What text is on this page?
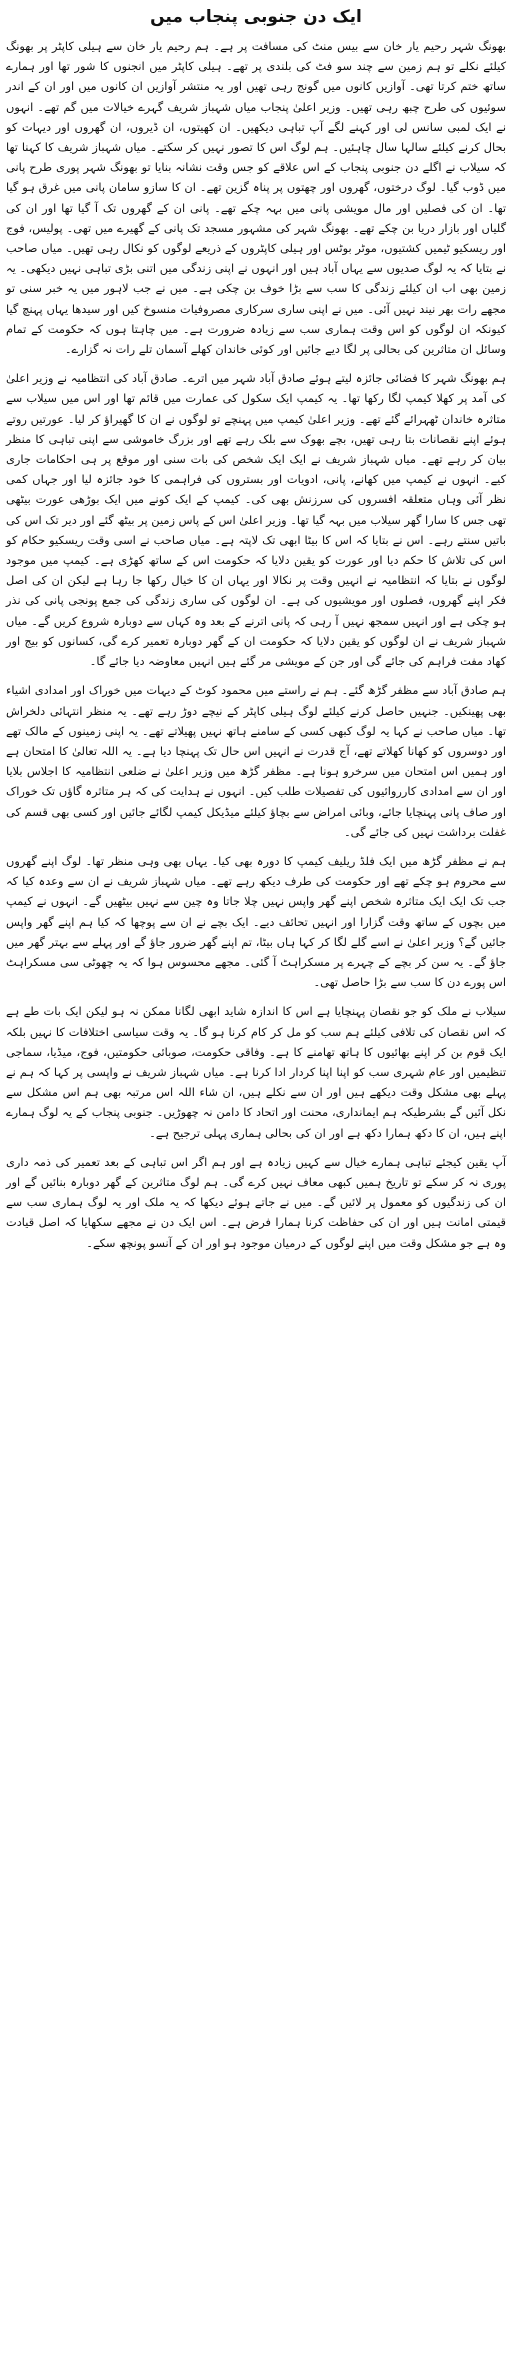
ایک دن جنوبی پنجاب میں

بھونگ شہر رحیم یار خان سے بیس منٹ کی مسافت پر ہے۔ ہم رحیم یار خان سے ہیلی کاپٹر پر بھونگ کیلئے نکلے تو ہم زمین سے چند سو فٹ کی بلندی پر تھے۔ ہیلی کاپٹر میں انجنوں کا شور تھا اور ہمارے ساتھ ختم کرتا تھی۔ آوازیں کانوں میں گونج رہی تھیں اور یہ منتشر آوازیں ان کانوں میں اور ان کے اندر سوئیوں کی طرح چبھ رہی تھیں۔ وزیر اعلیٰ پنجاب میاں شہباز شریف گہرے خیالات میں گم تھے۔ انہوں نے ایک لمبی سانس لی اور کہنے لگے آپ تباہی دیکھیں۔ ان کھیتوں، ان ڈیروں، ان گھروں اور دیہات کو بحال کرنے کیلئے سالہا سال چاہئیں۔ ہم لوگ اس کا تصور نہیں کر سکتے۔ میاں شہباز شریف کا کہنا تھا کہ سیلاب نے اگلے دن جنوبی پنجاب کے اس علاقے کو جس وقت نشانہ بنایا تو بھونگ شہر پوری طرح پانی میں ڈوب گیا۔ لوگ درختوں، گھروں اور چھتوں پر پناہ گزین تھے۔ ان کا سازو سامان پانی میں غرق ہو گیا تھا۔ ان کی فصلیں اور مال مویشی پانی میں بہہ چکے تھے۔ پانی ان کے گھروں تک آ گیا تھا اور ان کی گلیاں اور بازار دریا بن چکے تھے۔ بھونگ شہر کی مشہور مسجد تک پانی کے گھیرے میں تھی۔ پولیس، فوج اور ریسکیو ٹیمیں کشتیوں، موٹر بوٹس اور ہیلی کاپٹروں کے ذریعے لوگوں کو نکال رہی تھیں۔ میاں صاحب نے بتایا کہ یہ لوگ صدیوں سے یہاں آباد ہیں اور انہوں نے اپنی زندگی میں اتنی بڑی تباہی نہیں دیکھی۔ یہ زمین بھی اب ان کیلئے زندگی کا سب سے بڑا خوف بن چکی ہے۔ میں نے جب لاہور میں یہ خبر سنی تو مجھے رات بھر نیند نہیں آئی۔ میں نے اپنی ساری سرکاری مصروفیات منسوخ کیں اور سیدھا یہاں پہنچ گیا کیونکہ ان لوگوں کو اس وقت ہماری سب سے زیادہ ضرورت ہے۔ میں چاہتا ہوں کہ حکومت کے تمام وسائل ان متاثرین کی بحالی پر لگا دیے جائیں اور کوئی خاندان کھلے آسمان تلے رات نہ گزارے۔

ہم بھونگ شہر کا فضائی جائزہ لیتے ہوئے صادق آباد شہر میں اترے۔ صادق آباد کی انتظامیہ نے وزیر اعلیٰ کی آمد پر کھلا کیمپ لگا رکھا تھا۔ یہ کیمپ ایک سکول کی عمارت میں قائم تھا اور اس میں سیلاب سے متاثرہ خاندان ٹھہرائے گئے تھے۔ وزیر اعلیٰ کیمپ میں پہنچے تو لوگوں نے ان کا گھیراؤ کر لیا۔ عورتیں روتے ہوئے اپنے نقصانات بتا رہی تھیں، بچے بھوک سے بلک رہے تھے اور بزرگ خاموشی سے اپنی تباہی کا منظر بیان کر رہے تھے۔ میاں شہباز شریف نے ایک ایک شخص کی بات سنی اور موقع پر ہی احکامات جاری کیے۔ انہوں نے کیمپ میں کھانے، پانی، ادویات اور بستروں کی فراہمی کا خود جائزہ لیا اور جہاں کمی نظر آئی وہاں متعلقہ افسروں کی سرزنش بھی کی۔ کیمپ کے ایک کونے میں ایک بوڑھی عورت بیٹھی تھی جس کا سارا گھر سیلاب میں بہہ گیا تھا۔ وزیر اعلیٰ اس کے پاس زمین پر بیٹھ گئے اور دیر تک اس کی باتیں سنتے رہے۔ اس نے بتایا کہ اس کا بیٹا ابھی تک لاپتہ ہے۔ میاں صاحب نے اسی وقت ریسکیو حکام کو اس کی تلاش کا حکم دیا اور عورت کو یقین دلایا کہ حکومت اس کے ساتھ کھڑی ہے۔ کیمپ میں موجود لوگوں نے بتایا کہ انتظامیہ نے انہیں وقت پر نکالا اور یہاں ان کا خیال رکھا جا رہا ہے لیکن ان کی اصل فکر اپنے گھروں، فصلوں اور مویشیوں کی ہے۔ ان لوگوں کی ساری زندگی کی جمع پونجی پانی کی نذر ہو چکی ہے اور انہیں سمجھ نہیں آ رہی کہ پانی اترنے کے بعد وہ کہاں سے دوبارہ شروع کریں گے۔ میاں شہباز شریف نے ان لوگوں کو یقین دلایا کہ حکومت ان کے گھر دوبارہ تعمیر کرے گی، کسانوں کو بیج اور کھاد مفت فراہم کی جائے گی اور جن کے مویشی مر گئے ہیں انہیں معاوضہ دیا جائے گا۔

ہم صادق آباد سے مظفر گڑھ گئے۔ ہم نے راستے میں محمود کوٹ کے دیہات میں خوراک اور امدادی اشیاء بھی پھینکیں۔ جنہیں حاصل کرنے کیلئے لوگ ہیلی کاپٹر کے نیچے دوڑ رہے تھے۔ یہ منظر انتہائی دلخراش تھا۔ میاں صاحب نے کہا یہ لوگ کبھی کسی کے سامنے ہاتھ نہیں پھیلاتے تھے۔ یہ اپنی زمینوں کے مالک تھے اور دوسروں کو کھانا کھلاتے تھے، آج قدرت نے انہیں اس حال تک پہنچا دیا ہے۔ یہ اللہ تعالیٰ کا امتحان ہے اور ہمیں اس امتحان میں سرخرو ہونا ہے۔ مظفر گڑھ میں وزیر اعلیٰ نے ضلعی انتظامیہ کا اجلاس بلایا اور ان سے امدادی کارروائیوں کی تفصیلات طلب کیں۔ انہوں نے ہدایت کی کہ ہر متاثرہ گاؤں تک خوراک اور صاف پانی پہنچایا جائے، وبائی امراض سے بچاؤ کیلئے میڈیکل کیمپ لگائے جائیں اور کسی بھی قسم کی غفلت برداشت نہیں کی جائے گی۔

ہم نے مظفر گڑھ میں ایک فلڈ ریلیف کیمپ کا دورہ بھی کیا۔ یہاں بھی وہی منظر تھا۔ لوگ اپنے گھروں سے محروم ہو چکے تھے اور حکومت کی طرف دیکھ رہے تھے۔ میاں شہباز شریف نے ان سے وعدہ کیا کہ جب تک ایک ایک متاثرہ شخص اپنے گھر واپس نہیں چلا جاتا وہ چین سے نہیں بیٹھیں گے۔ انہوں نے کیمپ میں بچوں کے ساتھ وقت گزارا اور انہیں تحائف دیے۔ ایک بچے نے ان سے پوچھا کہ کیا ہم اپنے گھر واپس جائیں گے؟ وزیر اعلیٰ نے اسے گلے لگا کر کہا ہاں بیٹا، تم اپنے گھر ضرور جاؤ گے اور پہلے سے بہتر گھر میں جاؤ گے۔ یہ سن کر بچے کے چہرے پر مسکراہٹ آ گئی۔ مجھے محسوس ہوا کہ یہ چھوٹی سی مسکراہٹ اس پورے دن کا سب سے بڑا حاصل تھی۔

سیلاب نے ملک کو جو نقصان پہنچایا ہے اس کا اندازہ شاید ابھی لگانا ممکن نہ ہو لیکن ایک بات طے ہے کہ اس نقصان کی تلافی کیلئے ہم سب کو مل کر کام کرنا ہو گا۔ یہ وقت سیاسی اختلافات کا نہیں بلکہ ایک قوم بن کر اپنے بھائیوں کا ہاتھ تھامنے کا ہے۔ وفاقی حکومت، صوبائی حکومتیں، فوج، میڈیا، سماجی تنظیمیں اور عام شہری سب کو اپنا اپنا کردار ادا کرنا ہے۔ میاں شہباز شریف نے واپسی پر کہا کہ ہم نے پہلے بھی مشکل وقت دیکھے ہیں اور ان سے نکلے ہیں، ان شاء اللہ اس مرتبہ بھی ہم اس مشکل سے نکل آئیں گے بشرطیکہ ہم ایمانداری، محنت اور اتحاد کا دامن نہ چھوڑیں۔ جنوبی پنجاب کے یہ لوگ ہمارے اپنے ہیں، ان کا دکھ ہمارا دکھ ہے اور ان کی بحالی ہماری پہلی ترجیح ہے۔

آپ یقین کیجئے تباہی ہمارے خیال سے کہیں زیادہ ہے اور ہم اگر اس تباہی کے بعد تعمیر کی ذمہ داری پوری نہ کر سکے تو تاریخ ہمیں کبھی معاف نہیں کرے گی۔ ہم لوگ متاثرین کے گھر دوبارہ بنائیں گے اور ان کی زندگیوں کو معمول پر لائیں گے۔ میں نے جاتے ہوئے دیکھا کہ یہ ملک اور یہ لوگ ہماری سب سے قیمتی امانت ہیں اور ان کی حفاظت کرنا ہمارا فرض ہے۔ اس ایک دن نے مجھے سکھایا کہ اصل قیادت وہ ہے جو مشکل وقت میں اپنے لوگوں کے درمیان موجود ہو اور ان کے آنسو پونچھ سکے۔
